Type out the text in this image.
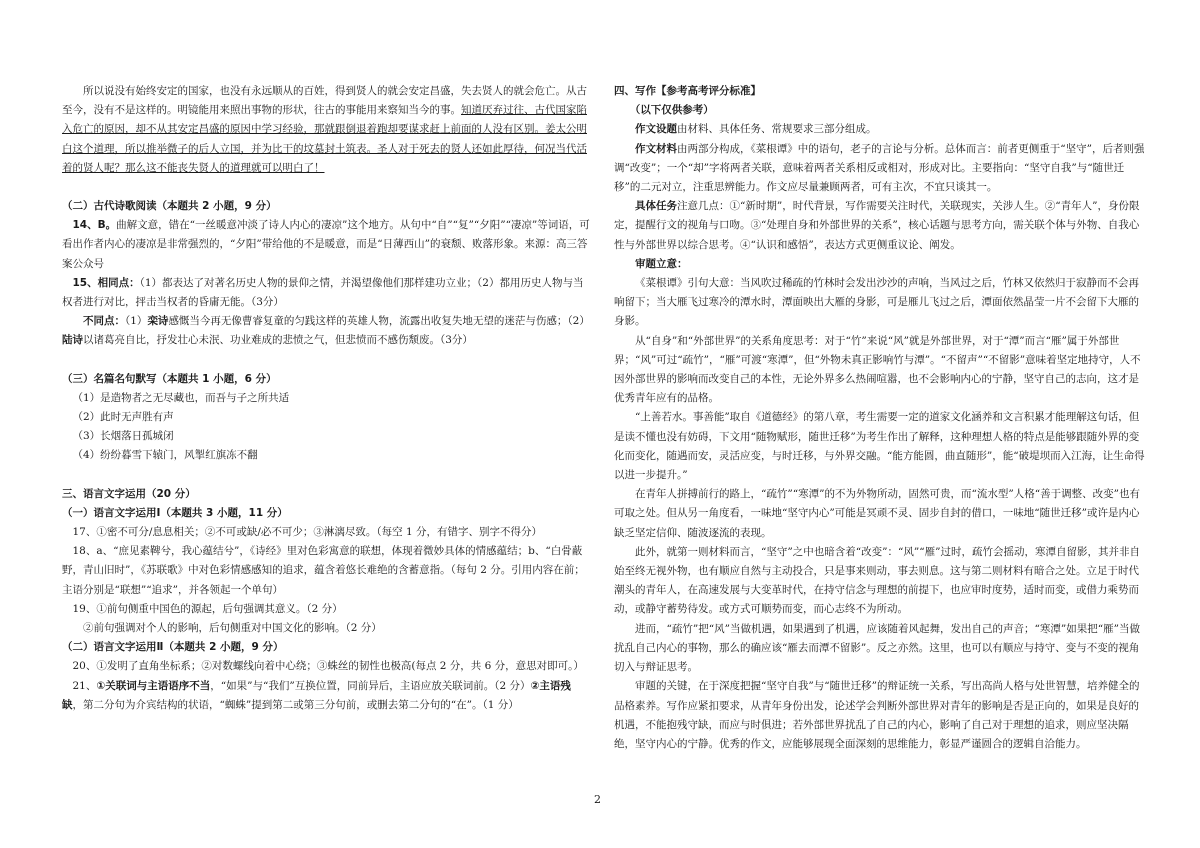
所以说没有始终安定的国家，也没有永远顺从的百姓，得到贤人的就会安定昌盛，失去贤人的就会危亡。从古至今，没有不是这样的。明镜能用来照出事物的形状，往古的事能用来察知当今的事。知道厌弃过往、古代国家陷入危亡的原因，却不从其安定昌盛的原因中学习经验，那就跟倒退着跑却要谋求赶上前面的人没有区别。姜太公明白这个道理，所以推举微子的后人立国，并为比干的坟墓封土筑表。圣人对于死去的贤人还如此厚待，何况当代活着的贤人呢？那么这不能丧失贤人的道理就可以明白了！

（二）古代诗歌阅读（本题共 2 小题，9 分）

14、B。曲解文意，错在“一丝暖意冲淡了诗人内心的凄凉”这个地方。从句中“自”“复”“夕阳”“凄凉”等词语，可看出作者内心的凄凉是非常强烈的，“夕阳”带给他的不是暖意，而是“日薄西山”的衰颓、败落形象。来源：高三答案公众号

15、相同点：（1）都表达了对著名历史人物的景仰之情，并渴望像他们那样建功立业；（2）都用历史人物与当权者进行对比，抨击当权者的昏庸无能。（3分）

不同点：（1）栾诗感慨当今再无像曹睿复童的匀践这样的英雄人物，流露出收复失地无望的迷茫与伤感；（2）陆诗以诸葛亮自比，抒发壮心未泯、功业难成的悲愤之气，但悲愤而不感伤颓废。（3分）

（三）名篇名句默写（本题共 1 小题，6 分）

（1）是造物者之无尽藏也，而吾与子之所共适

（2）此时无声胜有声

（3）长烟落日孤城闭

（4）纷纷暮雪下辕门，风掣红旗冻不翻

三、语言文字运用（20 分）

（一）语言文字运用Ⅰ（本题共 3 小题，11 分）

17、①密不可分/息息相关；②不可或缺/必不可少；③淋漓尽致。（每空 1 分，有错字、别字不得分）

18、a、“庶见素鞞兮，我心蕴结兮”，《诗经》里对色彩寓意的联想，体现着微妙具体的情感蕴结；b、“白骨蔽野，青山旧时”，《苏联歌》中对色彩情感感知的追求，蕴含着悠长难绝的含蓄意指。（每句 2 分。引用内容在前；主语分别是“联想”“追求”，并各领起一个单句）

19、①前句侧重中国色的源起，后句强调其意义。（2 分）

②前句强调对个人的影响，后句侧重对中国文化的影响。（2 分）

（二）语言文字运用Ⅱ（本题共 2 小题，9 分）

20、①发明了直角坐标系；②对数螺线向着中心绕；③蛛丝的韧性也极高(每点 2 分，共 6 分，意思对即可。）

21、①关联词与主语语序不当，“如果”与“我们”互换位置，同前异后，主语应放关联词前。（2 分）②主语残缺，第二分句为介宾结构的状语，“蜘蛛”提到第二或第三分句前，或删去第二分句的“在”。（1 分）

四、写作【参考高考评分标准】

（以下仅供参考）

作文设题由材料、具体任务、常规要求三部分组成。

作文材料由两部分构成，《菜根谭》中的语句，老子的言论与分析。总体而言：前者更侧重于“坚守”，后者则强调“改变”；一个“却”字将两者关联，意味着两者关系相反或相对，形成对比。主要指向：“坚守自我”与“随世迁移”的二元对立，注重思辨能力。作文应尽量兼顾两者，可有主次，不宜只谈其一。

具体任务注意几点：①“新时期”，时代背景，写作需要关注时代，关联现实，关涉人生。②“青年人”，身份限定，提醒行文的视角与口吻。③“处理自身和外部世界的关系”，核心话题与思考方向，需关联个体与外物、自我心性与外部世界以综合思考。④“认识和感悟”，表达方式更侧重议论、阐发。

审题立意：

《菜根谭》引句大意：当风吹过稀疏的竹林时会发出沙沙的声响，当风过之后，竹林又依然归于寂静而不会再响留下；当大雁飞过寒冷的潭水时，潭面映出大雁的身影，可是雁儿飞过之后，潭面依然晶莹一片不会留下大雁的身影。

从“自身”和“外部世界”的关系角度思考：对于“竹”来说“风”就是外部世界，对于“潭”而言“雁”属于外部世界；“风”可过“疏竹”，“雁”可渡“寒潭”，但“外物未真正影响竹与潭”。“不留声”“不留影”意味着坚定地持守，人不因外部世界的影响而改变自己的本性，无论外界多么热闹喧嚣，也不会影响内心的宁静，坚守自己的志向，这才是优秀青年应有的品格。

“上善若水。事善能”取自《道德经》的第八章，考生需要一定的道家文化涵养和文言积累才能理解这句话，但是读不懂也没有妨碍，下文用“随物赋形，随世迁移”为考生作出了解释，这种理想人格的特点是能够跟随外界的变化而变化，随遇而安，灵活应变，与时迁移，与外界交融。“能方能圆，曲直随形”，能“破堤坝而入江海，让生命得以进一步提升。”

在青年人拼搏前行的路上，“疏竹”“寒潭”的不为外物所动，固然可贵，而“流水型”人格“善于调整、改变”也有可取之处。但从另一角度看，一味地“坚守内心”可能是冥顽不灵、固步自封的借口，一味地“随世迁移”或许是内心缺乏坚定信仰、随波逐流的表现。

此外，就第一则材料而言，“坚守”之中也暗含着“改变”：“风”“雁”过时，疏竹会摇动，寒潭自留影，其并非自始至终无视外物，也有顺应自然与主动投合，只是事来则动，事去则息。这与第二则材料有暗合之处。立足于时代潮头的青年人，在高速发展与大变革时代，在持守信念与理想的前提下，也应审时度势，适时而变，或借力乘势而动，或静守蓄势待发。或方式可顺势而变，而心志终不为所动。

进而，“疏竹”把“风”当做机遇，如果遇到了机遇，应该随着风起舞，发出自己的声音；“寒潭”如果把“雁”当做扰乱自己内心的事物，那么的确应该“雁去而潭不留影”。反之亦然。这里，也可以有顺应与持守、变与不变的视角切入与辩证思考。

审题的关键，在于深度把握“坚守自我”与“随世迁移”的辩证统一关系，写出高尚人格与处世智慧，培养健全的品格素养。写作应紧扣要求，从青年身份出发，论述学会判断外部世界对青年的影响是否是正向的，如果是良好的机遇，不能抱残守缺，而应与时俱进；若外部世界扰乱了自己的内心，影响了自己对于理想的追求，则应坚决隔绝，坚守内心的宁静。优秀的作文，应能够展现全面深刻的思维能力，彰显严谨圆合的逻辑自洽能力。

2
